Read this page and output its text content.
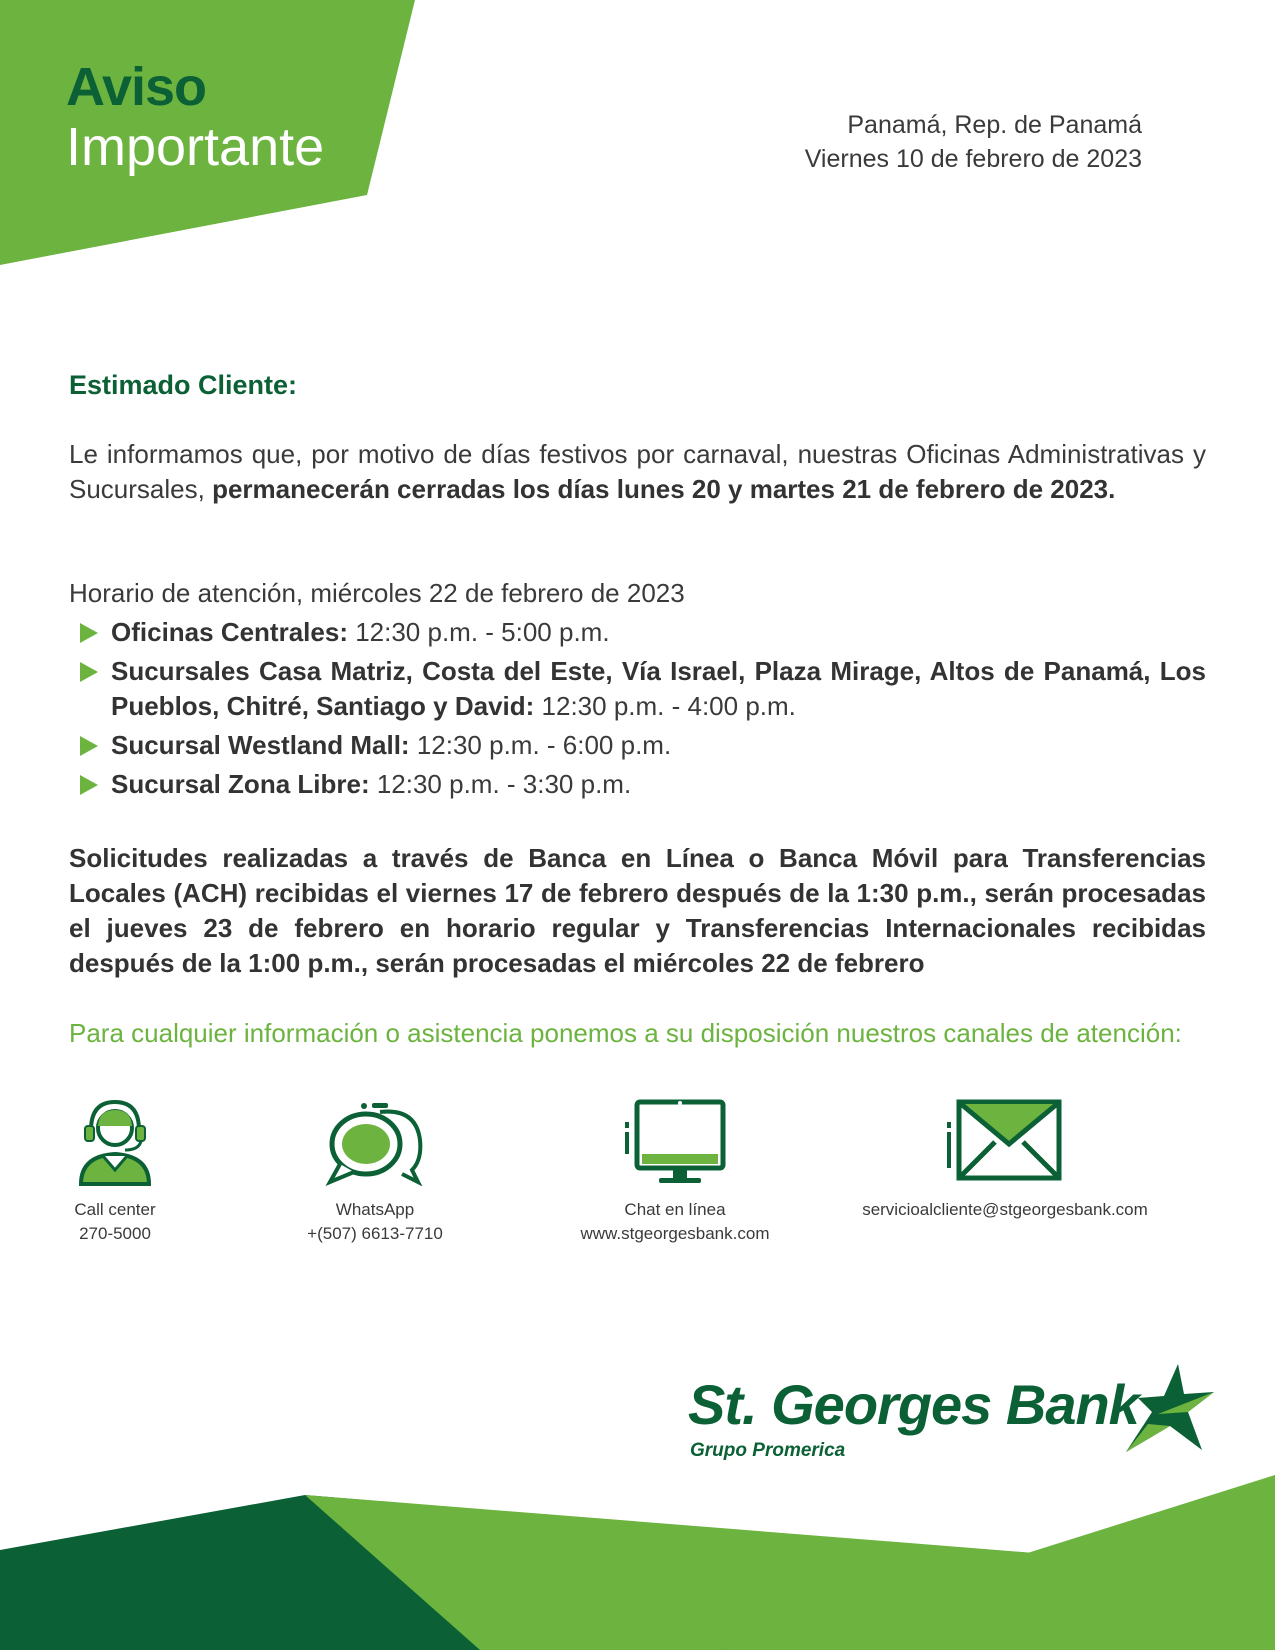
Aviso
Importante	Panamá, Rep. de Panamá
Viernes 10 de febrero de 2023
Estimado Cliente:
Le informamos que, por motivo de días festivos por carnaval, nuestras Oficinas Administrativas y Sucursales, permanecerán cerradas los días lunes 20 y martes 21 de febrero de 2023.
Horario de atención, miércoles 22 de febrero de 2023
Oficinas Centrales: 12:30 p.m. - 5:00 p.m.
Sucursales Casa Matriz, Costa del Este, Vía Israel, Plaza Mirage, Altos de Panamá, Los Pueblos, Chitré, Santiago y David: 12:30 p.m. - 4:00 p.m.
Sucursal Westland Mall: 12:30 p.m. - 6:00 p.m.
Sucursal Zona Libre: 12:30 p.m. - 3:30 p.m.
Solicitudes realizadas a través de Banca en Línea o Banca Móvil para Transferencias Locales (ACH) recibidas el viernes 17 de febrero después de la 1:30 p.m., serán procesadas el jueves 23 de febrero en horario regular y Transferencias Internacionales recibidas después de la 1:00 p.m., serán procesadas el miércoles 22 de febrero
Para cualquier información o asistencia ponemos a su disposición nuestros canales de atención:
Call center
270-5000
WhatsApp
+(507) 6613-7710
Chat en línea
www.stgeorgesbank.com
servicioalcliente@stgeorgesbank.com
St. Georges Bank
Grupo Promerica
